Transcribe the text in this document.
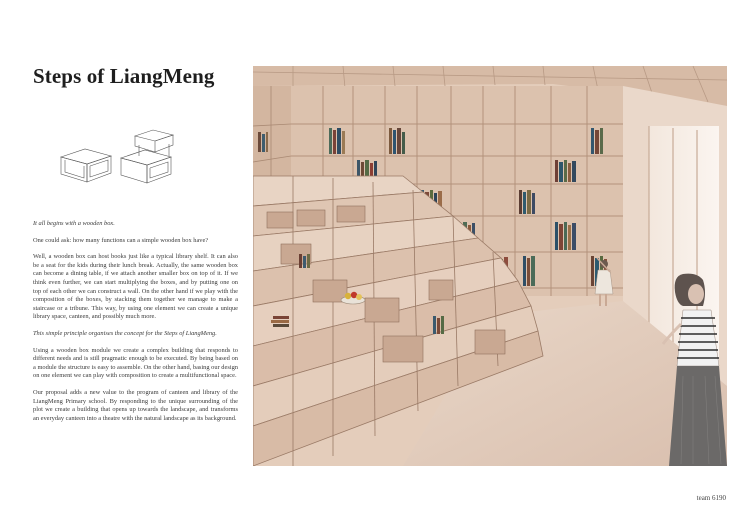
Steps of LiangMeng

It all begins with a wooden box.

One could ask: how many functions can a simple wooden box have?

Well, a wooden box can host books just like a typical library shelf. It can also be a seat for the kids during their lunch break. Actually, the same wooden box can become a dining table, if we attach another smaller box on top of it. If we think even further, we can start multiplying the boxes, and by putting one on top of each other we can construct a wall. On the other hand if we play with the composition of the boxes, by stacking them together we manage to make a staircase or a tribune. This way, by using one element we can create a unique library space, canteen, and possibly much more.

This simple principle organises the concept for the Steps of LiangMeng.

Using a wooden box module we create a complex building that responds to different needs and is still pragmatic enough to be executed. By being based on a module the structure is easy to assemble. On the other hand, basing our design on one element we can play with composition to create a multifunctional space.

Our proposal adds a new value to the program of canteen and library of the LiangMeng Primary school. By responding to the unique surrounding of the plot we create a building that opens up towards the landscape, and transforms an everyday canteen into a theatre with the natural landscape as its background.

team 6190
